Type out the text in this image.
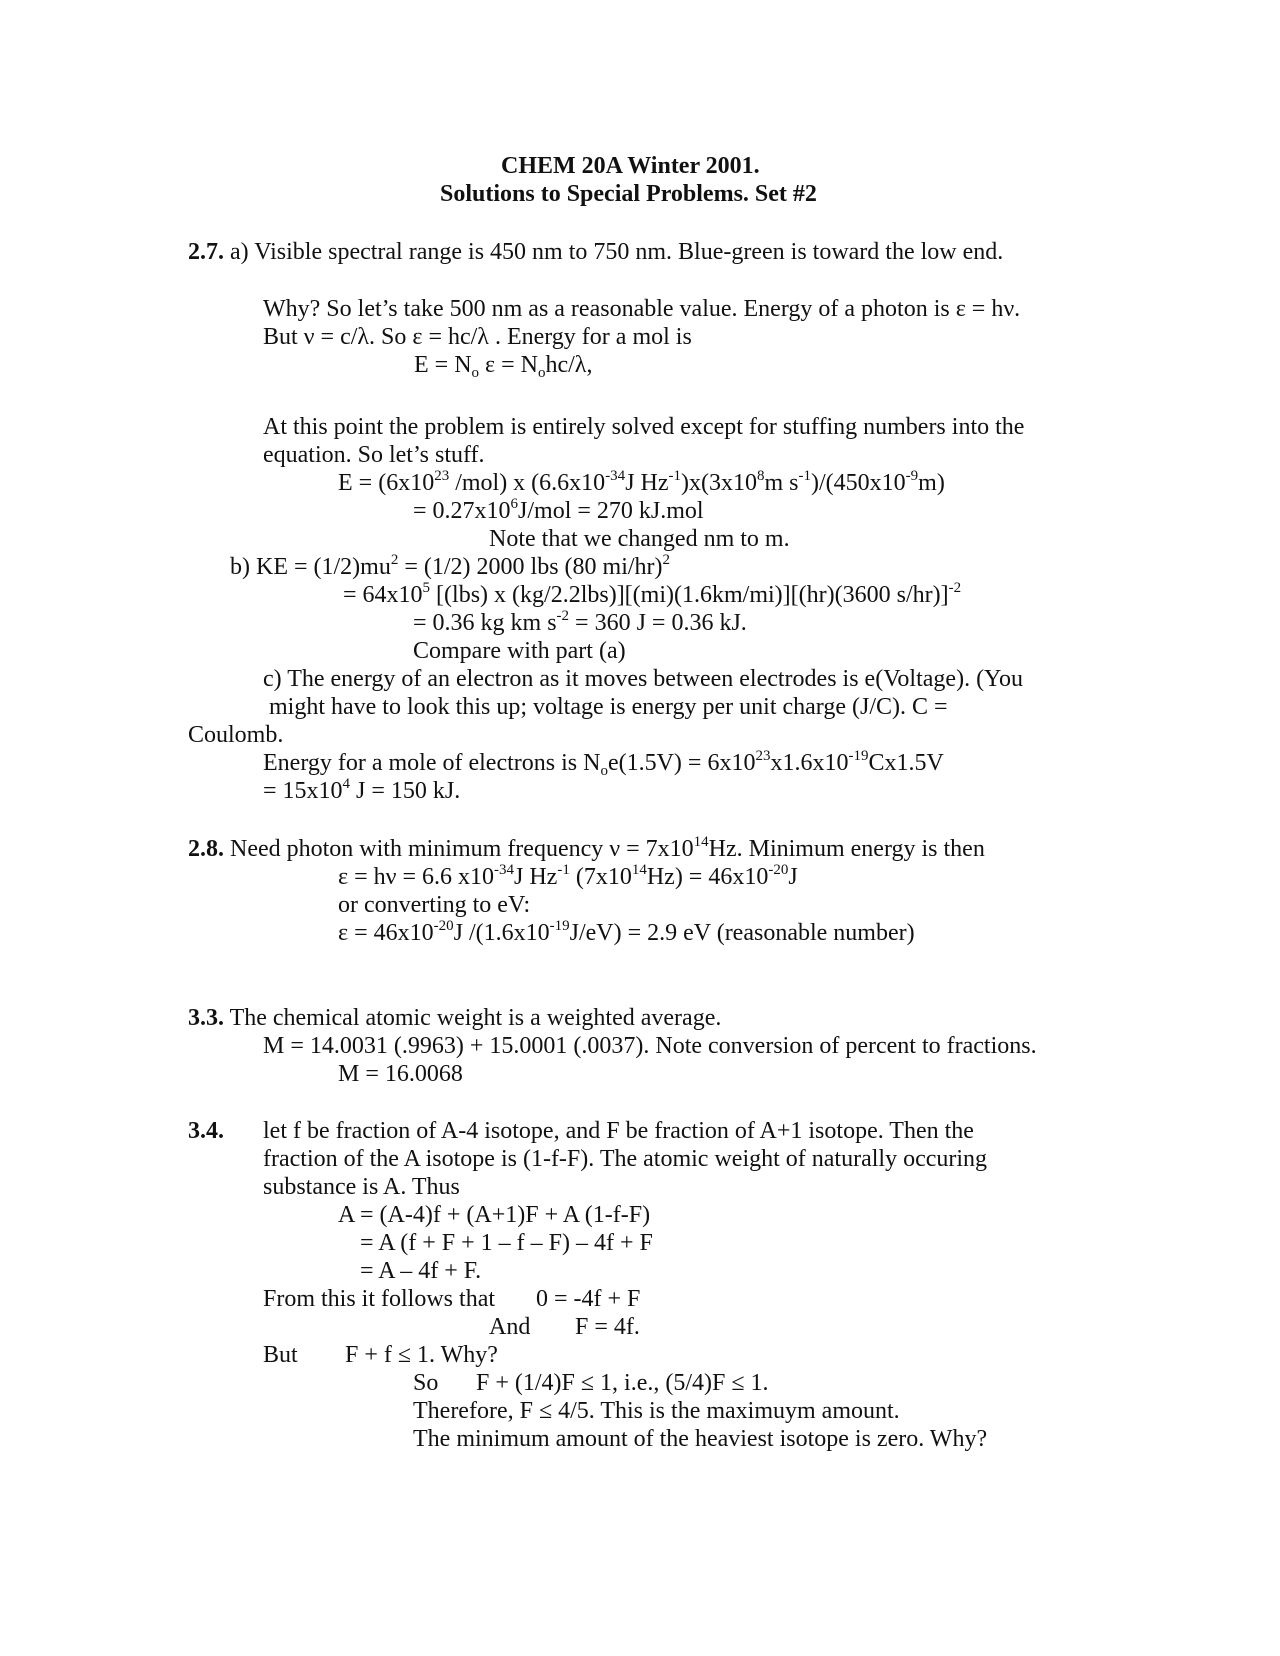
CHEM 20A Winter 2001.
Solutions to Special Problems. Set #2
2.7. a) Visible spectral range is 450 nm to 750 nm. Blue-green is toward the low end.
Why? So let’s take 500 nm as a reasonable value. Energy of a photon is ε = hν.
But ν = c/λ. So ε = hc/λ . Energy for a mol is
$E = N_o$ $\varepsilon = N_ohc/\lambda$,
At this point the problem is entirely solved except for stuffing numbers into the
equation. So let’s stuff.
$E = (6x10^{23}$ /mol) x ($6.6x10^{-34}J$ $Hz^{-1})x(3x10^8m$ $s^{-1})/(450x10^{-9}m)$
= $0.27x10^6J$/mol = 270 kJ.mol
Note that we changed nm to m.
b) KE = $(1/2)mu^2 = (1/2)$ 2000 lbs (80 mi/hr)$^2$
= $64x10^5$ [(lbs) x (kg/2.2lbs)][(mi)(1.6km/mi)][(hr)(3600 s/hr)]$^{-2}$
= 0.36 kg km $s^{-2} = 360$ J = 0.36 kJ.
Compare with part (a)
c) The energy of an electron as it moves between electrodes is e(Voltage). (You
might have to look this up; voltage is energy per unit charge (J/C). C =
Coulomb.
Energy for a mole of electrons is $N_oe(1.5V) = 6x10^{23}x1.6x10^{-19}Cx1.5V$
= $15x10^4$ J = 150 kJ.
2.8. Need photon with minimum frequency $\nu = 7x10^{14}Hz$. Minimum energy is then
ε = hν = 6.6 $x10^{-34}J$ $Hz^{-1}$ $(7x10^{14}Hz) = 46x10^{-20}J$
or converting to eV:
$\varepsilon = 46x10^{-20}J$ $/(1.6x10^{-19}J/eV) = 2.9$ eV (reasonable number)
3.3. The chemical atomic weight is a weighted average.
M = 14.0031 (.9963) + 15.0001 (.0037). Note conversion of percent to fractions.
M = 16.0068
3.4. let f be fraction of A-4 isotope, and F be fraction of A+1 isotope. Then the
fraction of the A isotope is (1-f-F). The atomic weight of naturally occuring
substance is A. Thus
A = (A-4)f + (A+1)F + A (1-f-F)
= A (f + F + 1 – f – F) – 4f + F
= A – 4f + F.
From this it follows that 0 = -4f + F
And F = 4f.
But F + f ≤ 1. Why?
So F + (1/4)F ≤ 1, i.e., (5/4)F ≤ 1.
Therefore, F ≤ 4/5. This is the maximuym amount.
The minimum amount of the heaviest isotope is zero. Why?
